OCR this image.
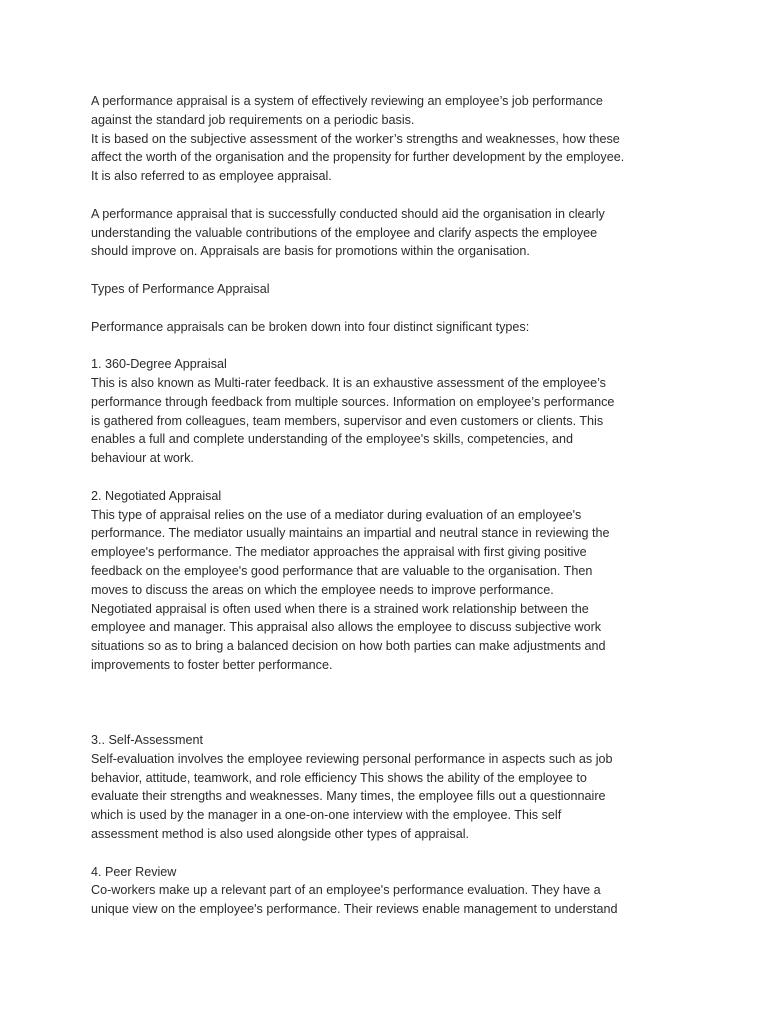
A performance appraisal is a system of effectively reviewing an employee’s job performance

against the standard job requirements on a periodic basis.

It is based on the subjective assessment of the worker’s strengths and weaknesses, how these

affect the worth of the organisation and the propensity for further development by the employee.

It is also referred to as employee appraisal.

A performance appraisal that is successfully conducted should aid the organisation in clearly

understanding the valuable contributions of the employee and clarify aspects the employee

should improve on. Appraisals are basis for promotions within the organisation.

Types of Performance Appraisal

Performance appraisals can be broken down into four distinct significant types:

1. 360-Degree Appraisal

This is also known as Multi-rater feedback. It is an exhaustive assessment of the employee’s

performance through feedback from multiple sources. Information on employee’s performance

is gathered from colleagues, team members, supervisor and even customers or clients. This

enables a full and complete understanding of the employee's skills, competencies, and

behaviour at work.

2. Negotiated Appraisal

This type of appraisal relies on the use of a mediator during evaluation of an employee's

performance. The mediator usually maintains an impartial and neutral stance in reviewing the

employee's performance. The mediator approaches the appraisal with first giving positive

feedback on the employee's good performance that are valuable to the organisation. Then

moves to discuss the areas on which the employee needs to improve performance.

Negotiated appraisal is often used when there is a strained work relationship between the

employee and manager. This appraisal also allows the employee to discuss subjective work

situations so as to bring a balanced decision on how both parties can make adjustments and

improvements to foster better performance.

3.. Self-Assessment

Self-evaluation involves the employee reviewing personal performance in aspects such as job

behavior, attitude, teamwork, and role efficiency This shows the ability of the employee to

evaluate their strengths and weaknesses. Many times, the employee fills out a questionnaire

which is used by the manager in a one-on-one interview with the employee. This self

assessment method is also used alongside other types of appraisal.

4. Peer Review

Co-workers make up a relevant part of an employee's performance evaluation. They have a

unique view on the employee's performance. Their reviews enable management to understand
